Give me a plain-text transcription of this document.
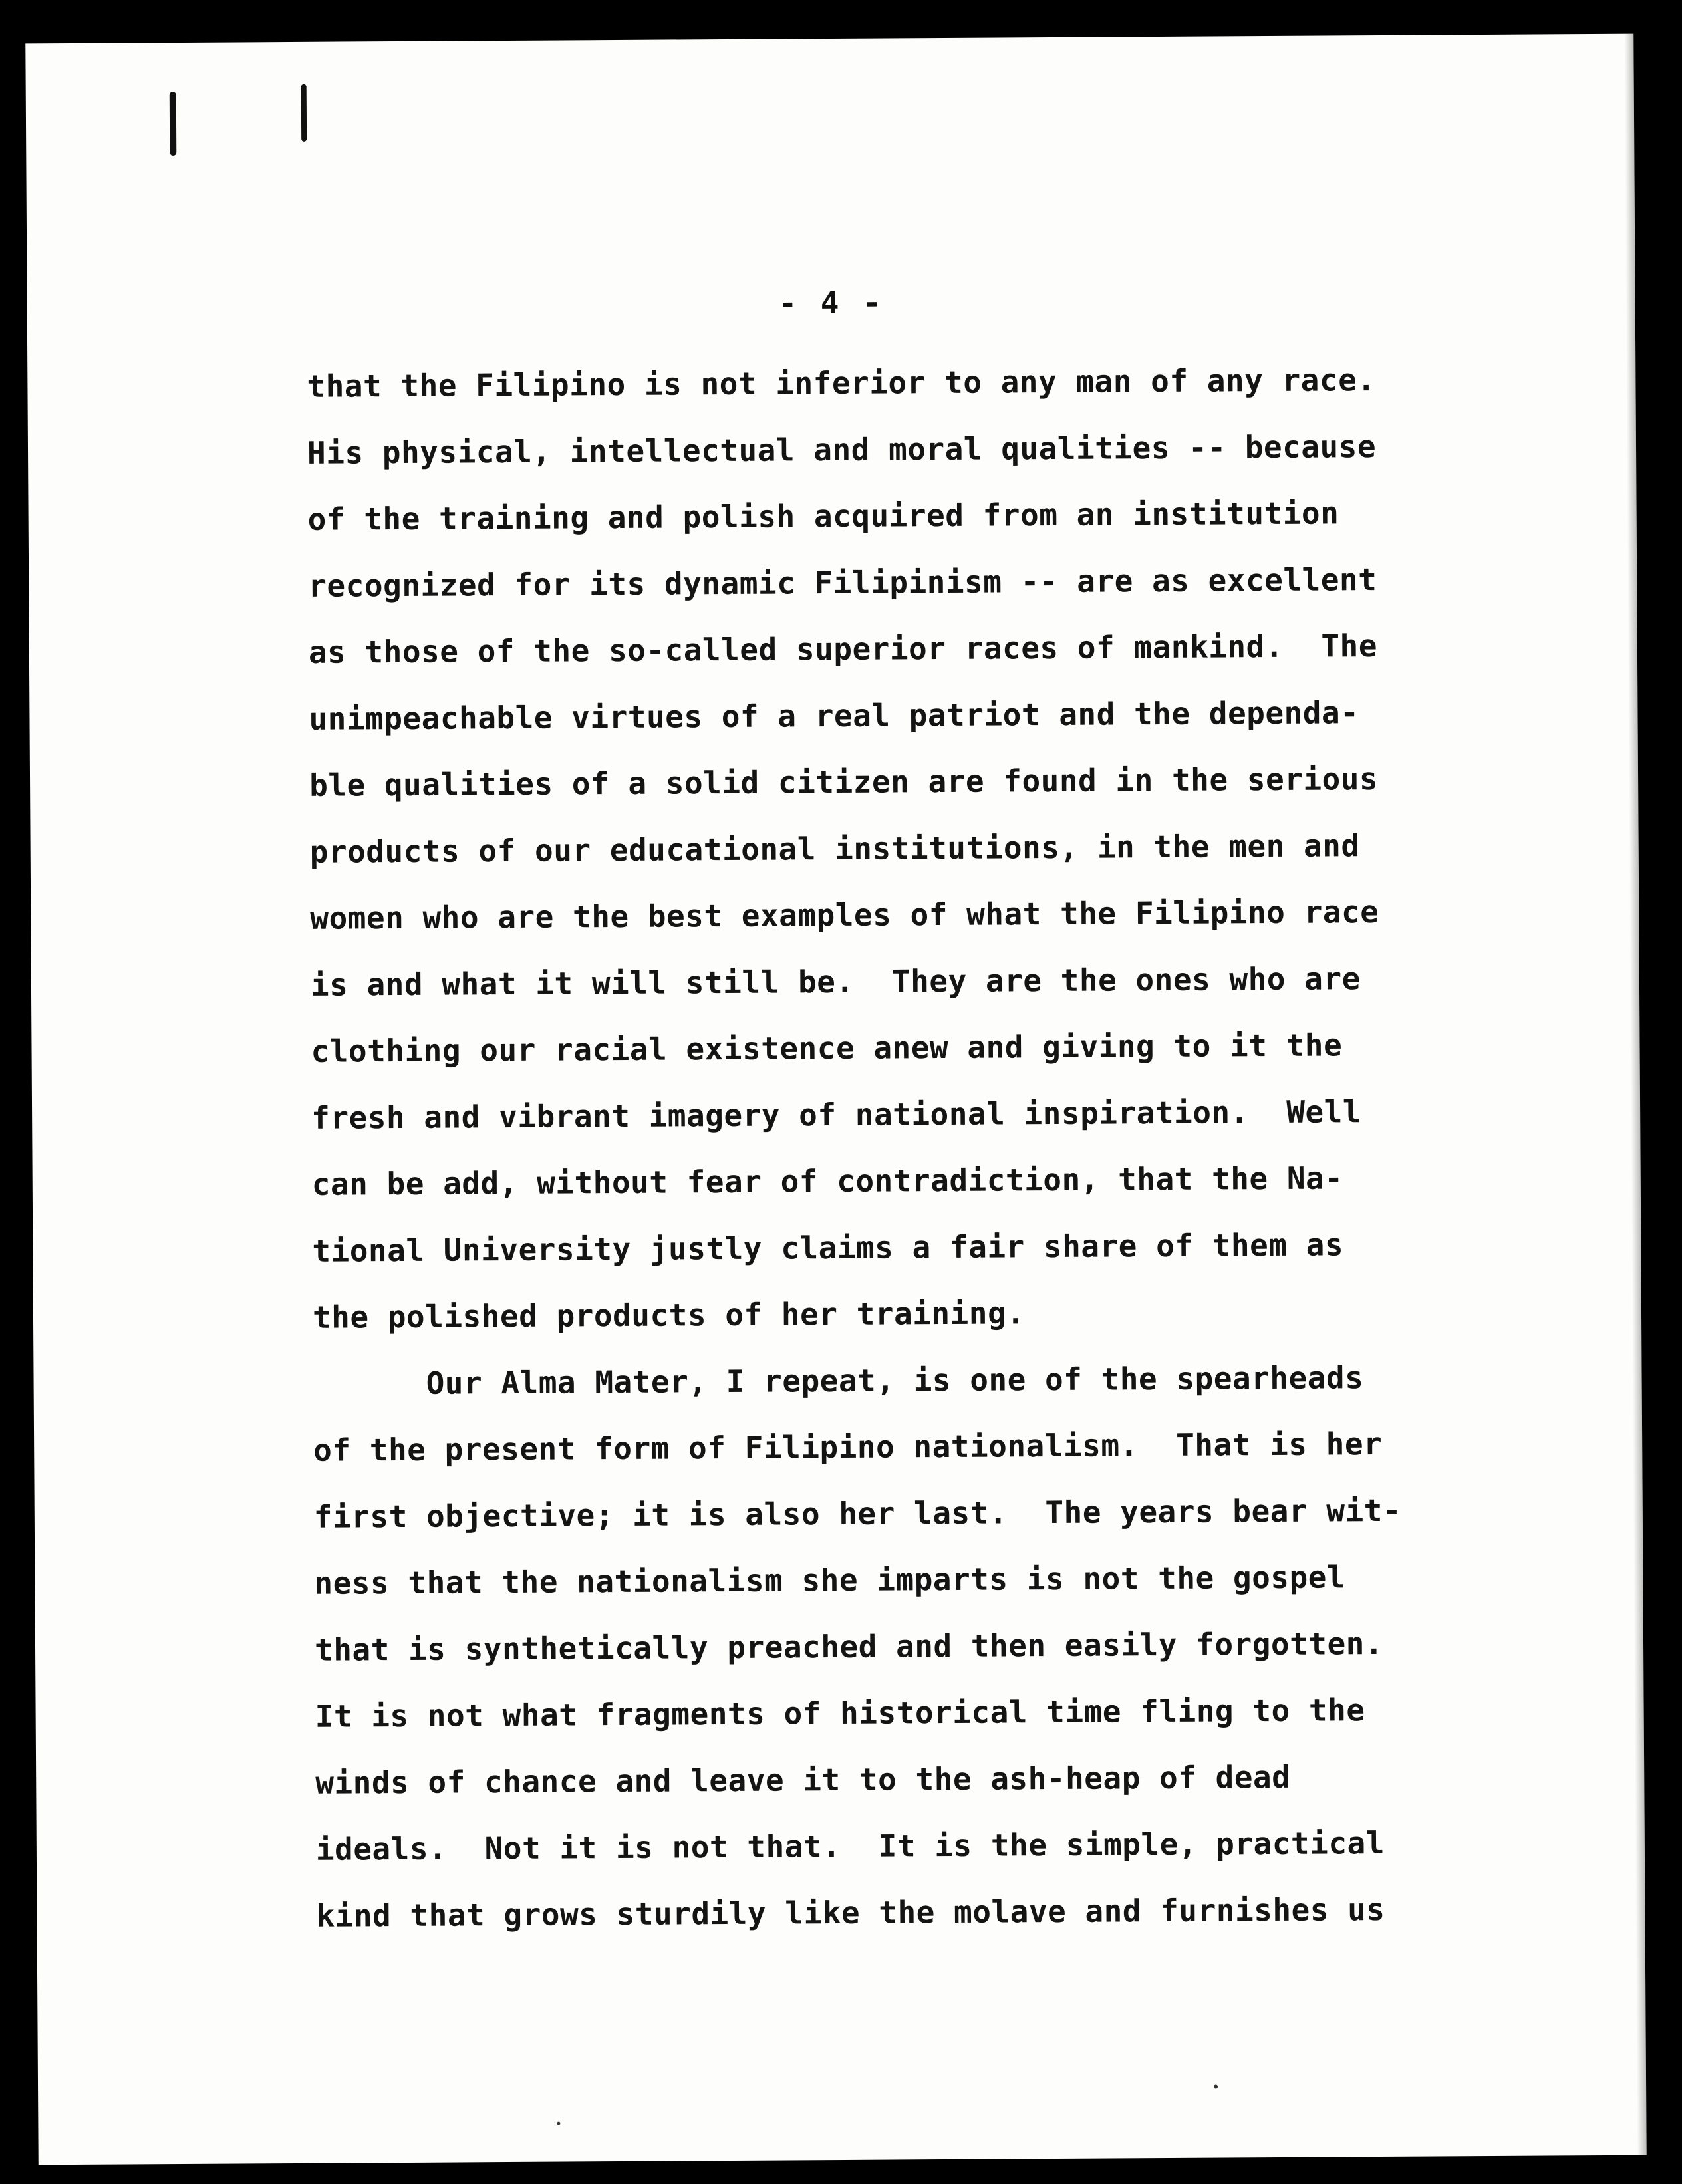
- 4 -
that the Filipino is not inferior to any man of any race.
His physical, intellectual and moral qualities -- because
of the training and polish acquired from an institution
recognized for its dynamic Filipinism -- are as excellent
as those of the so-called superior races of mankind.  The
unimpeachable virtues of a real patriot and the dependa-
ble qualities of a solid citizen are found in the serious
products of our educational institutions, in the men and
women who are the best examples of what the Filipino race
is and what it will still be.  They are the ones who are
clothing our racial existence anew and giving to it the
fresh and vibrant imagery of national inspiration.  Well
can be add, without fear of contradiction, that the Na-
tional University justly claims a fair share of them as
the polished products of her training.
Our Alma Mater, I repeat, is one of the spearheads
of the present form of Filipino nationalism.  That is her
first objective; it is also her last.  The years bear wit-
ness that the nationalism she imparts is not the gospel
that is synthetically preached and then easily forgotten.
It is not what fragments of historical time fling to the
winds of chance and leave it to the ash-heap of dead
ideals.  Not it is not that.  It is the simple, practical
kind that grows sturdily like the molave and furnishes us
